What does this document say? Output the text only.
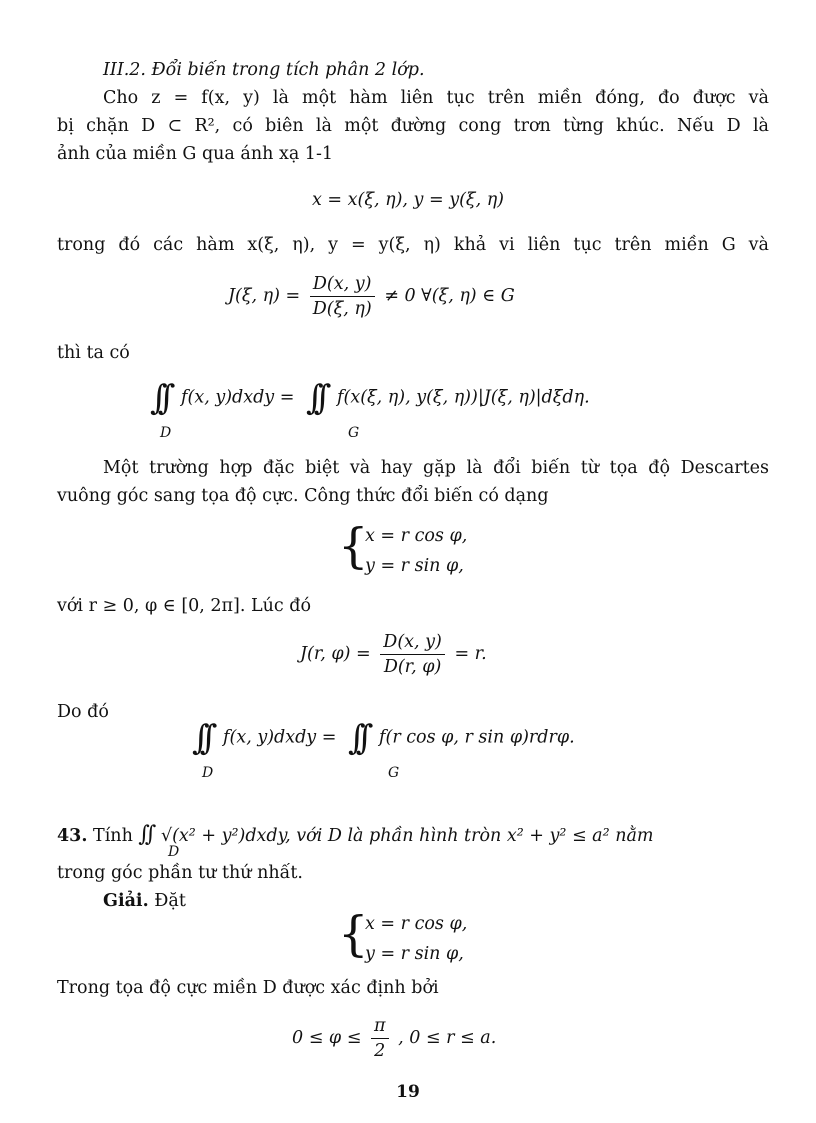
III.2. Đổi biến trong tích phân 2 lớp.
Cho z = f(x, y) là một hàm liên tục trên miền đóng, đo được và
bị chặn D ⊂ R², có biên là một đường cong trơn từng khúc. Nếu D là
ảnh của miền G qua ánh xạ 1-1
x = x(ξ, η), y = y(ξ, η)
trong đó các hàm x(ξ, η), y = y(ξ, η) khả vi liên tục trên miền G và
J(ξ, $\eta) = \frac{D(x, y)}{D(\xi, \eta)} \ne 0$ ∀(ξ, η) ∈ G
thì ta có
∫∫ f(x, y)dxdy = ∫∫ f(x(ξ, η), y(ξ, η))|J(ξ, η)|dξdη.
D	G
Một trường hợp đặc biệt và hay gặp là đổi biến từ tọa độ Descartes
vuông góc sang tọa độ cực. Công thức đổi biến có dạng
{
x = r cos φ,
y = r sin φ,
với r ≥ 0, φ ∈ [0, 2π]. Lúc đó
J(r, $\varphi) = \frac{D(x, y)}{D(r, \varphi)} = r$.
Do đó
∫∫ f(x, y)dxdy = ∫∫ f(r cos φ, r sin φ)rdrφ.
D	G
43. Tính ∫∫ √(x² + y²)dxdy, với D là phần hình tròn x² + y² ≤ a² nằm
D
trong góc phần tư thứ nhất.
Giải. Đặt
{
x = r cos φ,
y = r sin φ,
Trong tọa độ cực miền D được xác định bởi
$0 \le \varphi \le \frac{\pi}{2}$ , 0 ≤ r ≤ a.
19
